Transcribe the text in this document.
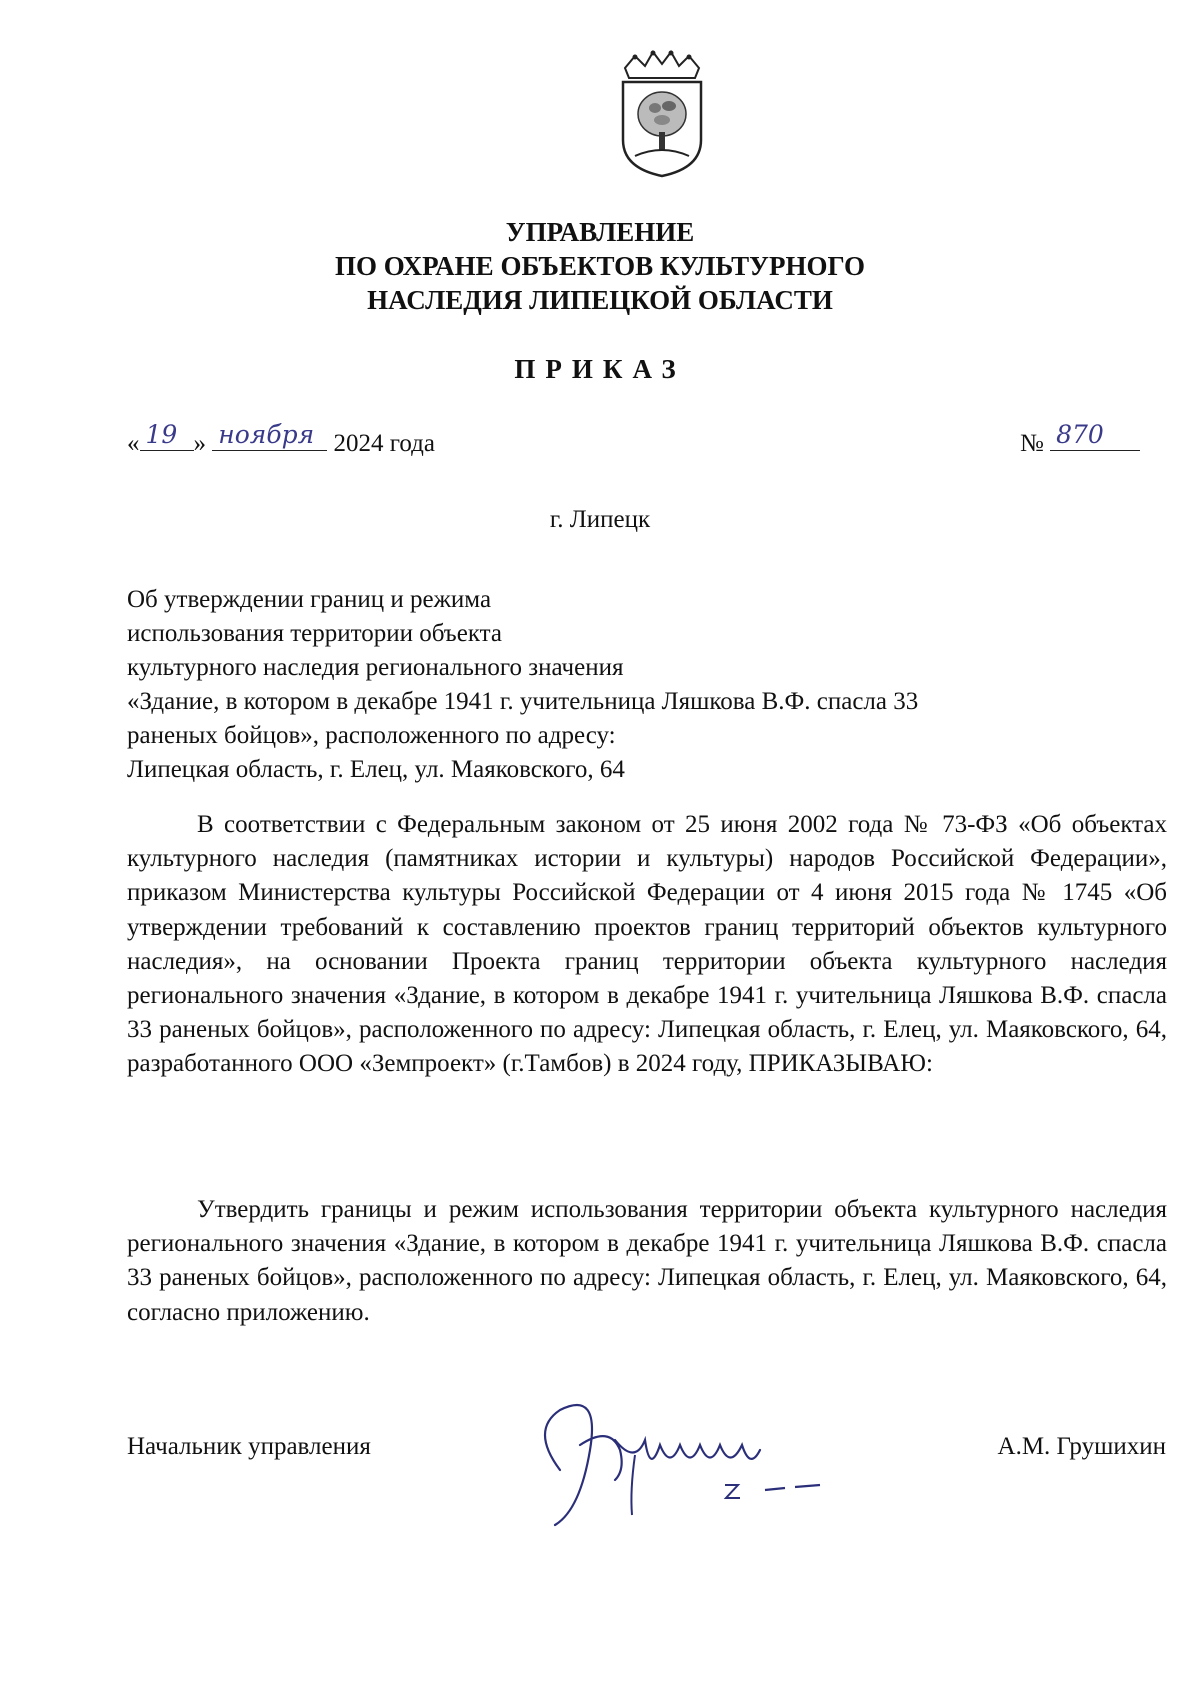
УПРАВЛЕНИЕ
ПО ОХРАНЕ ОБЪЕКТОВ КУЛЬТУРНОГО
НАСЛЕДИЯ ЛИПЕЦКОЙ ОБЛАСТИ
ПРИКАЗ
« 19 » ноября 2024 года	№ 870
г. Липецк
Об утверждении границ и режима
использования территории объекта
культурного наследия регионального значения
«Здание, в котором в декабре 1941 г. учительница Ляшкова В.Ф. спасла 33
раненых бойцов», расположенного по адресу:
Липецкая область, г. Елец, ул. Маяковского, 64
В соответствии с Федеральным законом от 25 июня 2002 года № 73-ФЗ «Об объектах культурного наследия (памятниках истории и культуры) народов Российской Федерации», приказом Министерства культуры Российской Федерации от 4 июня 2015 года № 1745 «Об утверждении требований к составлению проектов границ территорий объектов культурного наследия», на основании Проекта границ территории объекта культурного наследия регионального значения «Здание, в котором в декабре 1941 г. учительница Ляшкова В.Ф. спасла 33 раненых бойцов», расположенного по адресу: Липецкая область, г. Елец, ул. Маяковского, 64, разработанного ООО «Земпроект» (г.Тамбов) в 2024 году, ПРИКАЗЫВАЮ:
Утвердить границы и режим использования территории объекта культурного наследия регионального значения «Здание, в котором в декабре 1941 г. учительница Ляшкова В.Ф. спасла 33 раненых бойцов», расположенного по адресу: Липецкая область, г. Елец, ул. Маяковского, 64, согласно приложению.
Начальник управления	А.М. Грушихин
